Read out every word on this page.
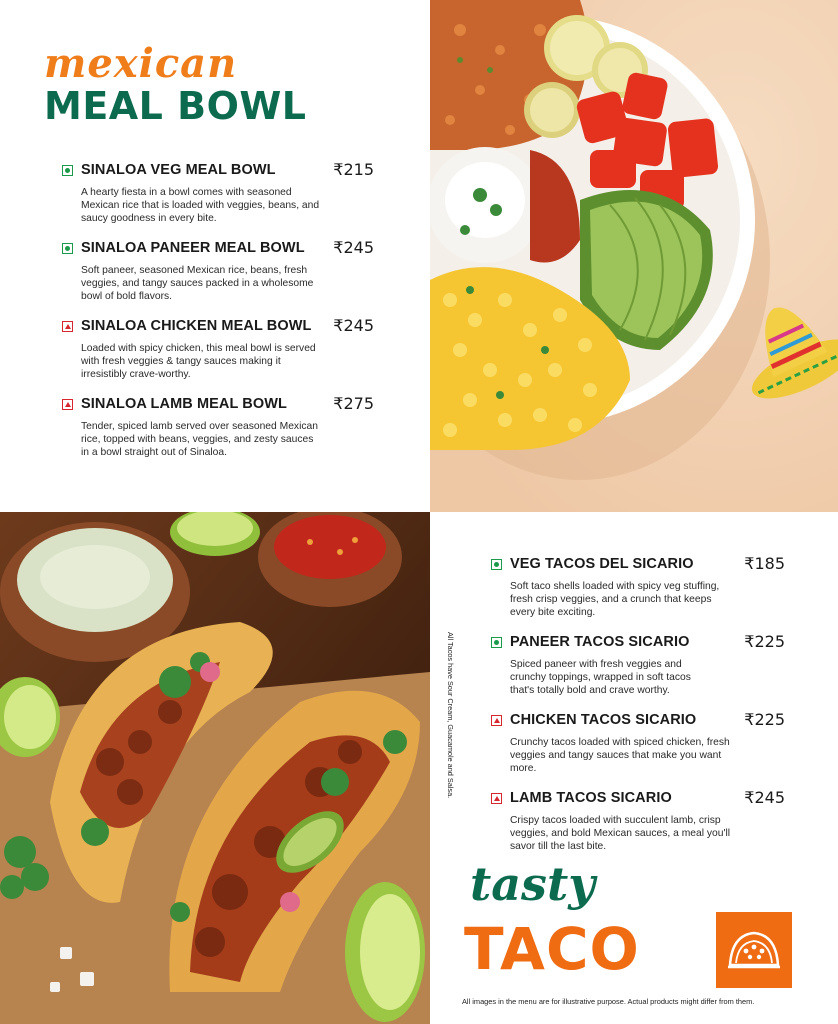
mexican
MEAL BOWL
SINALOA VEG MEAL BOWL	₹215

A hearty fiesta in a bowl comes with seasoned Mexican rice that is loaded with veggies, beans, and saucy goodness in every bite.

SINALOA PANEER MEAL BOWL ₹245

Soft paneer, seasoned Mexican rice, beans, fresh veggies, and tangy sauces packed in a wholesome bowl of bold flavors.

SINALOA CHICKEN MEAL BOWL ₹245

Loaded with spicy chicken, this meal bowl is served with fresh veggies & tangy sauces making it irresistibly crave-worthy.

SINALOA LAMB MEAL BOWL	₹275

Tender, spiced lamb served over seasoned Mexican rice, topped with beans, veggies, and zesty sauces in a bowl straight out of Sinaloa.

All Tacos have Sour Cream, Guacamole and Salsa.
VEG TACOS DEL SICARIO	₹185

Soft taco shells loaded with spicy veg stuffing, fresh crisp veggies, and a crunch that keeps every bite exciting.

PANEER TACOS SICARIO	₹225

Spiced paneer with fresh veggies and crunchy toppings, wrapped in soft tacos that's totally bold and crave worthy.

CHICKEN TACOS SICARIO	₹225

Crunchy tacos loaded with spiced chicken, fresh veggies and tangy sauces that make you want more.

LAMB TACOS SICARIO	₹245

Crispy tacos loaded with succulent lamb, crisp veggies, and bold Mexican sauces, a meal you'll savor till the last bite.

tasty
TACO
All images in the menu are for illustrative purpose. Actual products might differ from them.
